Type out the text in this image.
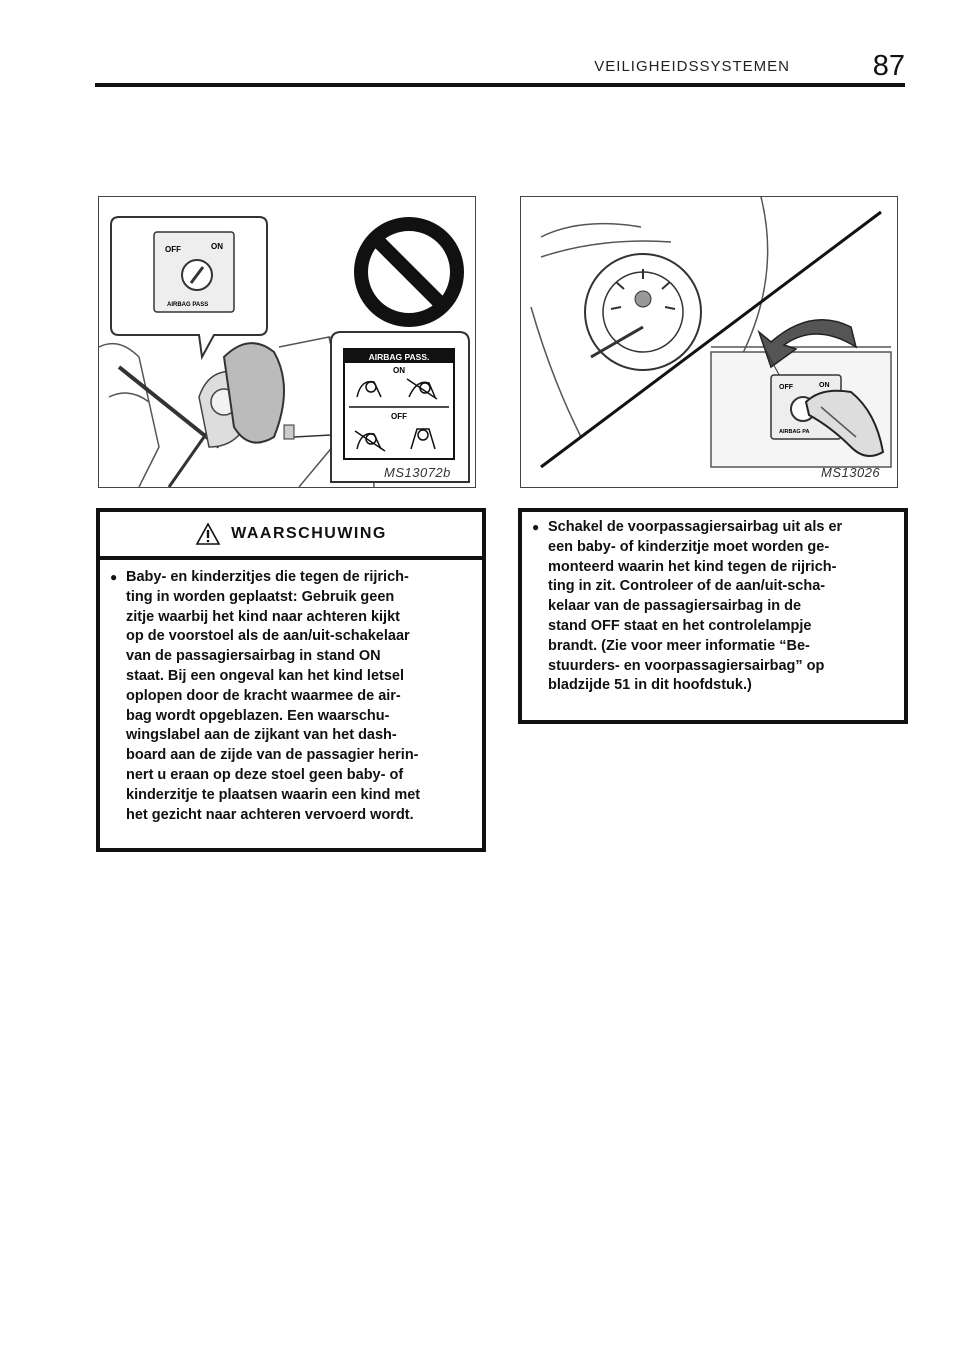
VEILIGHEIDSSYSTEMEN	87
OFF	ON
AIRBAG PASS
AIRBAG PASS.
ON
OFF
MS13072b
OFF	ON
AIRBAG PA
MS13026
WAARSCHUWING
● Baby‑ en kinderzitjes die tegen de rijrich-
ting in worden geplaatst: Gebruik geen
zitje waarbij het kind naar achteren kijkt
op de voorstoel als de aan/uit‑schakelaar
van de passagiersairbag in stand ON
staat. Bij een ongeval kan het kind letsel
oplopen door de kracht waarmee de air-
bag wordt opgeblazen. Een waarschu-
wingslabel aan de zijkant van het dash-
board aan de zijde van de passagier herin-
nert u eraan op deze stoel geen baby‑ of
kinderzitje te plaatsen waarin een kind met
het gezicht naar achteren vervoerd wordt.
● Schakel de voorpassagiersairbag uit als er
een baby‑ of kinderzitje moet worden ge-
monteerd waarin het kind tegen de rijrich-
ting in zit. Controleer of de aan/uit‑scha-
kelaar van de passagiersairbag in de
stand OFF staat en het controlelampje
brandt. (Zie voor meer informatie “Be-
stuurders‑ en voorpassagiersairbag” op
bladzijde 51 in dit hoofdstuk.)
